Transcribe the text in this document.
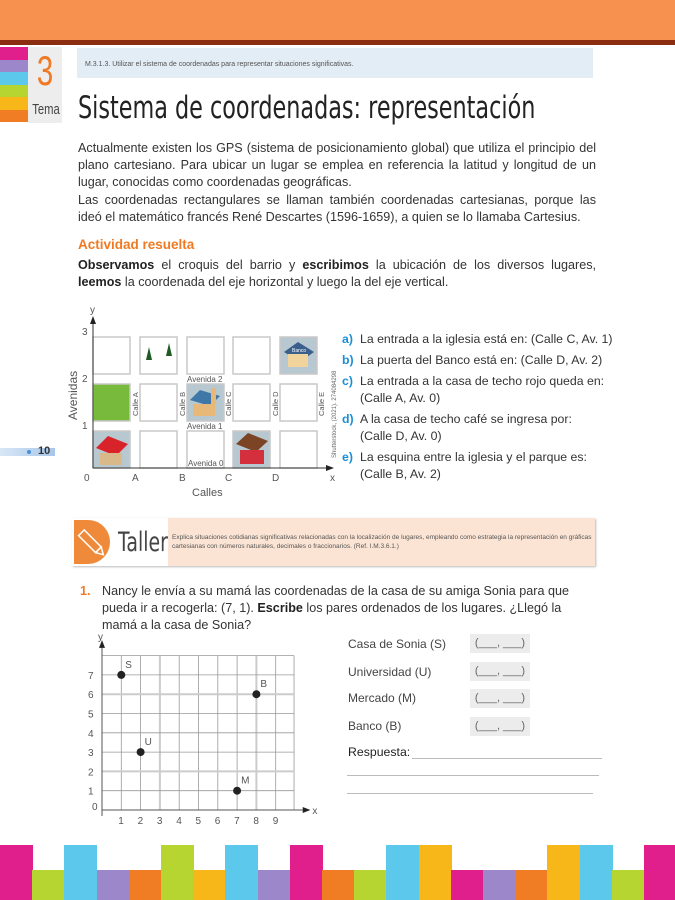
3
Tema
M.3.1.3. Utilizar el sistema de coordenadas para representar situaciones significativas.
Sistema de coordenadas: representación

Actualmente existen los GPS (sistema de posicionamiento global) que utiliza el principio del plano cartesiano. Para ubicar un lugar se emplea en referencia la latitud y longitud de un lugar, conocidas como coordenadas geográficas.

Las coordenadas rectangulares se llaman también coordenadas cartesianas, porque las ideó el matemático francés René Descartes (1596-1659), a quien se lo llamaba Cartesius.

Actividad resuelta

Observamos el croquis del barrio y escribimos la ubicación de los diversos lugares, leemos la coordenada del eje horizontal y luego la del eje vertical.

10
y
x
0	A	B	C	D
1
2
3
Calles
Avenidas	Avenida 2
Avenida 1
Avenida 0
Calle A	Calle B	Calle C	Calle D	Calle E Shutterstock, (2021). 274084298
Banco
a) La entrada a la iglesia está en: (Calle C, Av. 1)
b) La puerta del Banco está en: (Calle D, Av. 2)
c) La entrada a la casa de techo rojo queda en:
(Calle A, Av. 0)
d) A la casa de techo café se ingresa por:
(Calle D, Av. 0)
e) La esquina entre la iglesia y el parque es:
(Calle B, Av. 2)
Taller Explica situaciones cotidianas significativas relacionadas con la localización de lugares, empleando como estrategia la representación en gráficas cartesianas con números naturales, decimales o fraccionarios. (Ref. I.M.3.6.1.)
1. Nancy le envía a su mamá las coordenadas de la casa de su amiga Sonia para que pueda ir a recogerla: (7, 1). Escribe los pares ordenados de los lugares. ¿Llegó la mamá a la casa de Sonia?
y
x
0
1 2 3 4 5 6 7 8 9
1
2
3
4
5
6
7
S
U
M
B
Casa de Sonia (S)	(___, ___)
Universidad (U)	(___, ___)
Mercado (M)	(___, ___)
Banco (B)	(___, ___)
Respuesta:
